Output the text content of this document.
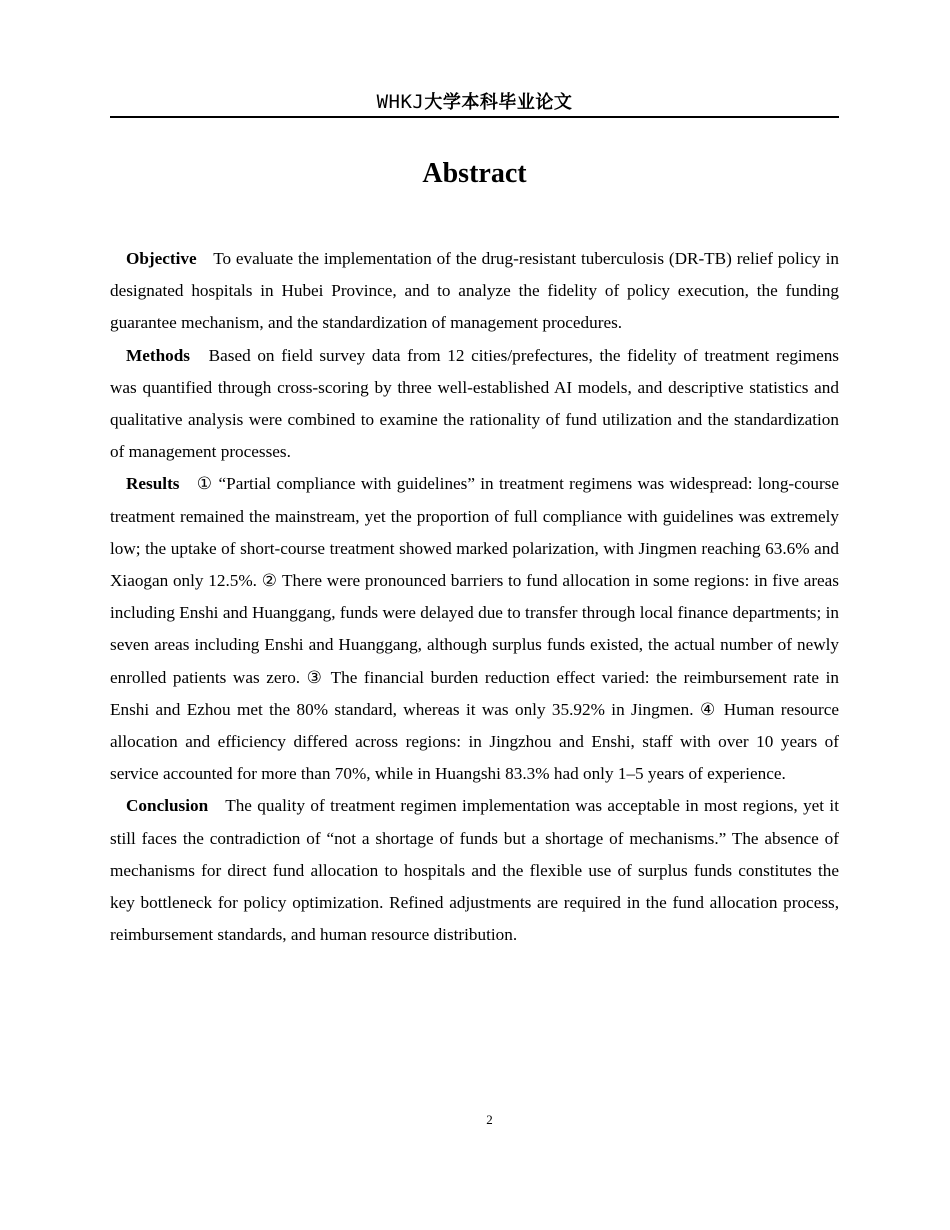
WHKJ大学本科毕业论文
Abstract

Objective To evaluate the implementation of the drug-resistant tuberculosis (DR-TB) relief policy in designated hospitals in Hubei Province, and to analyze the fidelity of policy execution, the funding guarantee mechanism, and the standardization of management procedures.

Methods Based on field survey data from 12 cities/prefectures, the fidelity of treatment regimens was quantified through cross-scoring by three well-established AI models, and descriptive statistics and qualitative analysis were combined to examine the rationality of fund utilization and the standardization of management processes.

Results ① “Partial compliance with guidelines” in treatment regimens was widespread: long-course treatment remained the mainstream, yet the proportion of full compliance with guidelines was extremely low; the uptake of short-course treatment showed marked polarization, with Jingmen reaching 63.6% and Xiaogan only 12.5%. ② There were pronounced barriers to fund allocation in some regions: in five areas including Enshi and Huanggang, funds were delayed due to transfer through local finance departments; in seven areas including Enshi and Huanggang, although surplus funds existed, the actual number of newly enrolled patients was zero. ③ The financial burden reduction effect varied: the reimbursement rate in Enshi and Ezhou met the 80% standard, whereas it was only 35.92% in Jingmen. ④ Human resource allocation and efficiency differed across regions: in Jingzhou and Enshi, staff with over 10 years of service accounted for more than 70%, while in Huangshi 83.3% had only 1–5 years of experience.

Conclusion The quality of treatment regimen implementation was acceptable in most regions, yet it still faces the contradiction of “not a shortage of funds but a shortage of mechanisms.” The absence of mechanisms for direct fund allocation to hospitals and the flexible use of surplus funds constitutes the key bottleneck for policy optimization. Refined adjustments are required in the fund allocation process, reimbursement standards, and human resource distribution.

2
